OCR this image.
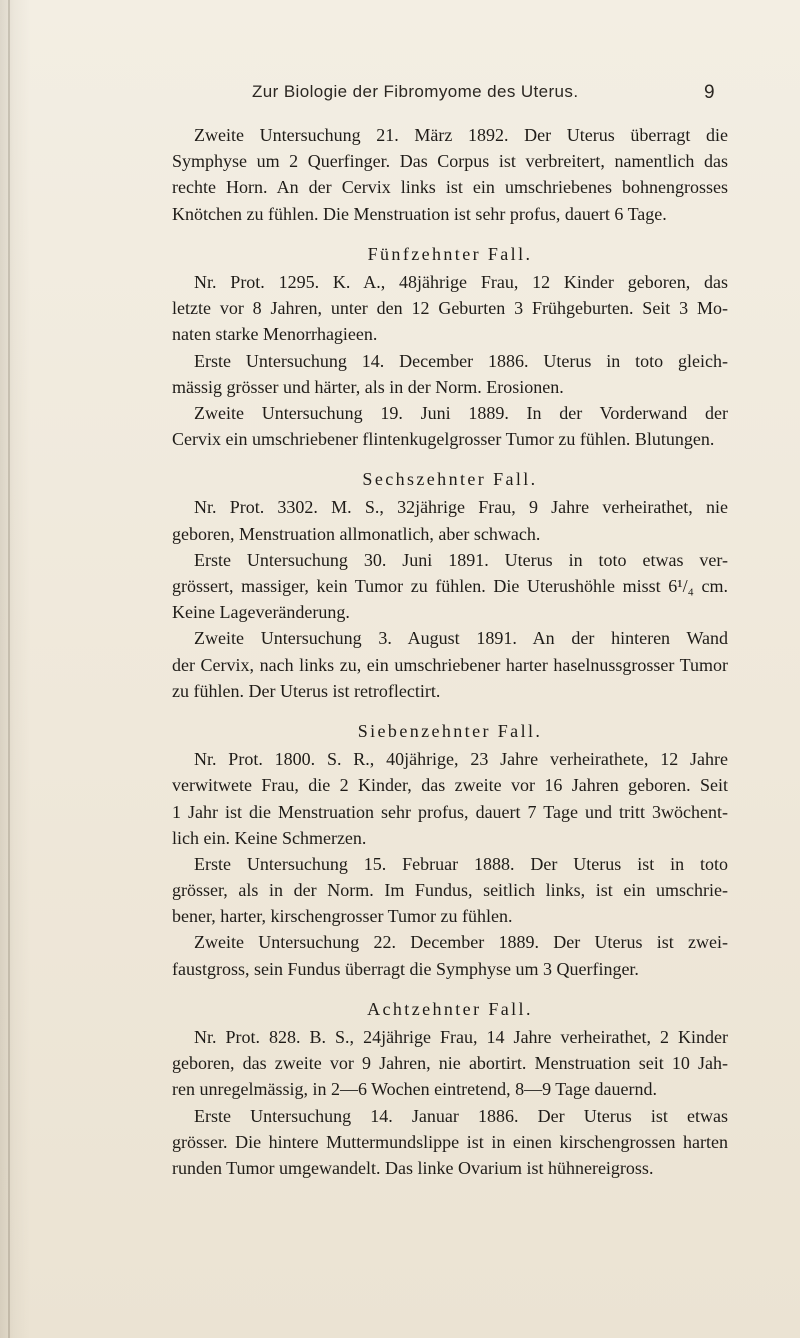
Zur Biologie der Fibromyome des Uterus.	9
Zweite Untersuchung 21. März 1892. Der Uterus überragt die
Symphyse um 2 Querfinger. Das Corpus ist verbreitert, namentlich das
rechte Horn. An der Cervix links ist ein umschriebenes bohnengrosses
Knötchen zu fühlen. Die Menstruation ist sehr profus, dauert 6 Tage.
Fünfzehnter Fall.
Nr. Prot. 1295. K. A., 48jährige Frau, 12 Kinder geboren, das
letzte vor 8 Jahren, unter den 12 Geburten 3 Frühgeburten. Seit 3 Mo-
naten starke Menorrhagieen.
Erste Untersuchung 14. December 1886. Uterus in toto gleich-
mässig grösser und härter, als in der Norm. Erosionen.
Zweite Untersuchung 19. Juni 1889. In der Vorderwand der
Cervix ein umschriebener flintenkugelgrosser Tumor zu fühlen. Blutungen.
Sechszehnter Fall.
Nr. Prot. 3302. M. S., 32jährige Frau, 9 Jahre verheirathet, nie
geboren, Menstruation allmonatlich, aber schwach.
Erste Untersuchung 30. Juni 1891. Uterus in toto etwas ver-
grössert, massiger, kein Tumor zu fühlen. Die Uterushöhle misst 6¹/₄ cm.
Keine Lageveränderung.
Zweite Untersuchung 3. August 1891. An der hinteren Wand
der Cervix, nach links zu, ein umschriebener harter haselnussgrosser Tumor
zu fühlen. Der Uterus ist retroflectirt.
Siebenzehnter Fall.
Nr. Prot. 1800. S. R., 40jährige, 23 Jahre verheirathete, 12 Jahre
verwitwete Frau, die 2 Kinder, das zweite vor 16 Jahren geboren. Seit
1 Jahr ist die Menstruation sehr profus, dauert 7 Tage und tritt 3wöchent-
lich ein. Keine Schmerzen.
Erste Untersuchung 15. Februar 1888. Der Uterus ist in toto
grösser, als in der Norm. Im Fundus, seitlich links, ist ein umschrie-
bener, harter, kirschengrosser Tumor zu fühlen.
Zweite Untersuchung 22. December 1889. Der Uterus ist zwei-
faustgross, sein Fundus überragt die Symphyse um 3 Querfinger.
Achtzehnter Fall.
Nr. Prot. 828. B. S., 24jährige Frau, 14 Jahre verheirathet, 2 Kinder
geboren, das zweite vor 9 Jahren, nie abortirt. Menstruation seit 10 Jah-
ren unregelmässig, in 2—6 Wochen eintretend, 8—9 Tage dauernd.
Erste Untersuchung 14. Januar 1886. Der Uterus ist etwas
grösser. Die hintere Muttermundslippe ist in einen kirschengrossen harten
runden Tumor umgewandelt. Das linke Ovarium ist hühnereigross.
